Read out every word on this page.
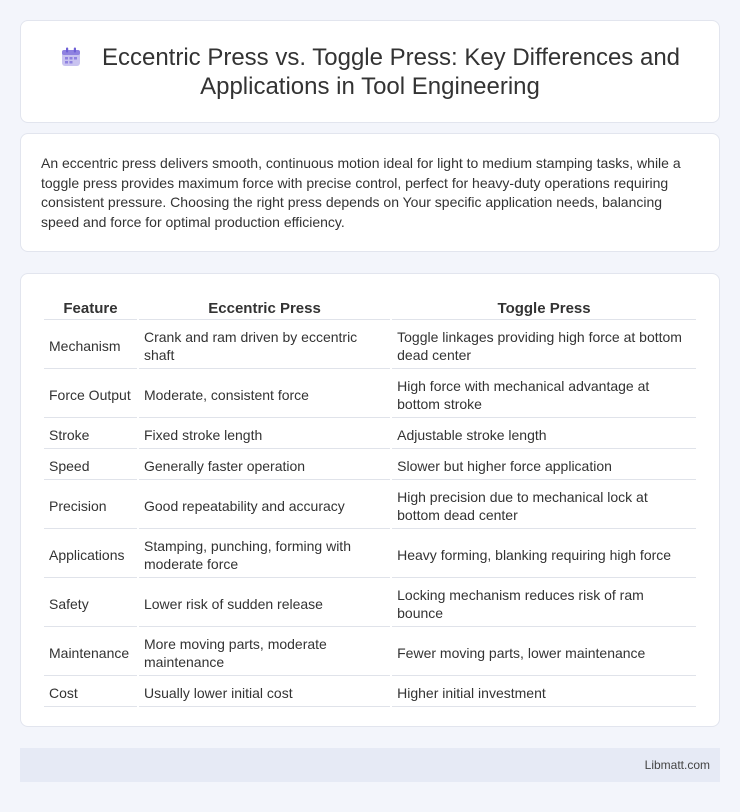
Eccentric Press vs. Toggle Press: Key Differences and Applications in Tool Engineering

An eccentric press delivers smooth, continuous motion ideal for light to medium stamping tasks, while a toggle press provides maximum force with precise control, perfect for heavy-duty operations requiring consistent pressure. Choosing the right press depends on Your specific application needs, balancing speed and force for optimal production efficiency.

Feature	Eccentric Press	Toggle Press
Mechanism	Crank and ram driven by eccentric shaft	Toggle linkages providing high force at bottom dead center
Force Output	Moderate, consistent force	High force with mechanical advantage at bottom stroke
Stroke	Fixed stroke length	Adjustable stroke length
Speed	Generally faster operation	Slower but higher force application
Precision	Good repeatability and accuracy	High precision due to mechanical lock at bottom dead center
Applications	Stamping, punching, forming with moderate force	Heavy forming, blanking requiring high force
Safety	Lower risk of sudden release	Locking mechanism reduces risk of ram bounce
Maintenance	More moving parts, moderate maintenance	Fewer moving parts, lower maintenance
Cost	Usually lower initial cost	Higher initial investment
Libmatt.com
